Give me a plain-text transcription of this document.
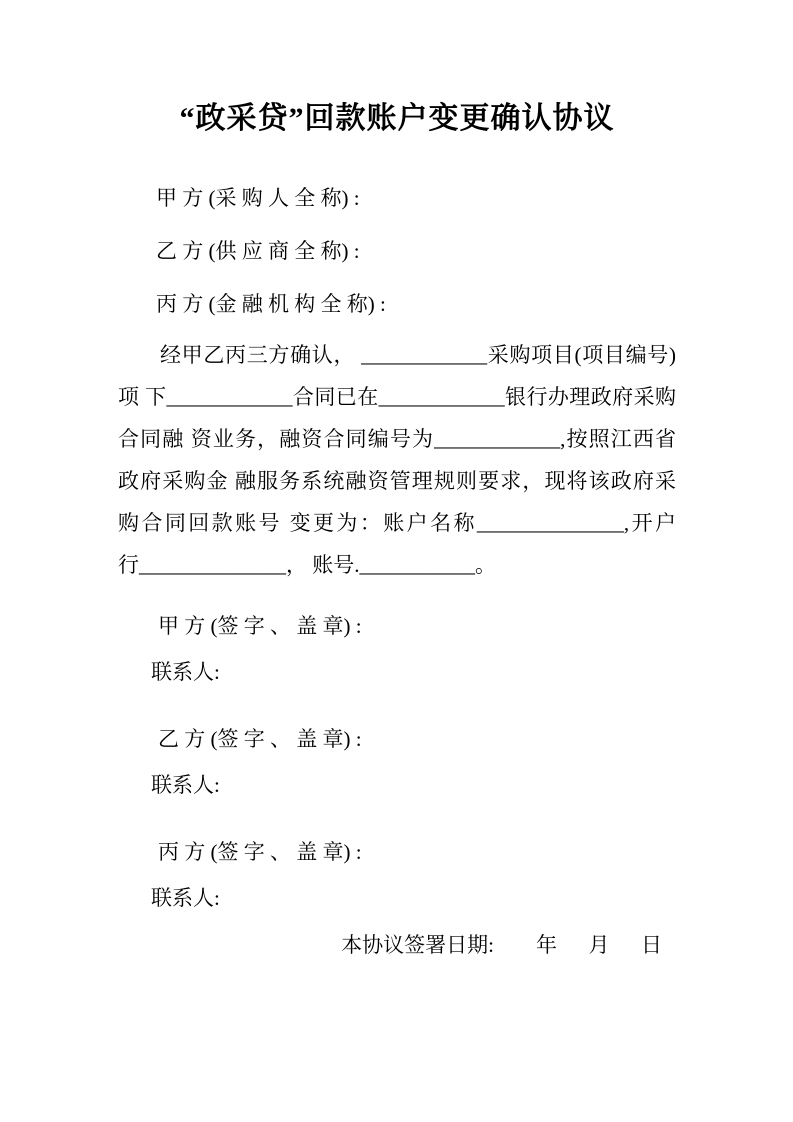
“政采贷”回款账户变更确认协议

甲 方 (采 购 人 全 称) :

乙 方 (供 应 商 全 称) :

丙 方 (金 融 机 构 全 称) :

经甲乙丙三方确认， ____________采购项目(项目编号)

项 下____________合同已在____________银行办理政府采购

合同融 资业务，融资合同编号为____________,按照江西省

政府采购金 融服务系统融资管理规则要求，现将该政府采

购合同回款账号 变更为：账户名称______________,开户

行______________， 账号.___________。

甲 方 (签 字 、 盖 章) :

联系人:

乙 方 (签 字 、 盖 章) :

联系人:

丙 方 (签 字 、 盖 章) :

联系人:

本协议签署日期:        年      月      日
